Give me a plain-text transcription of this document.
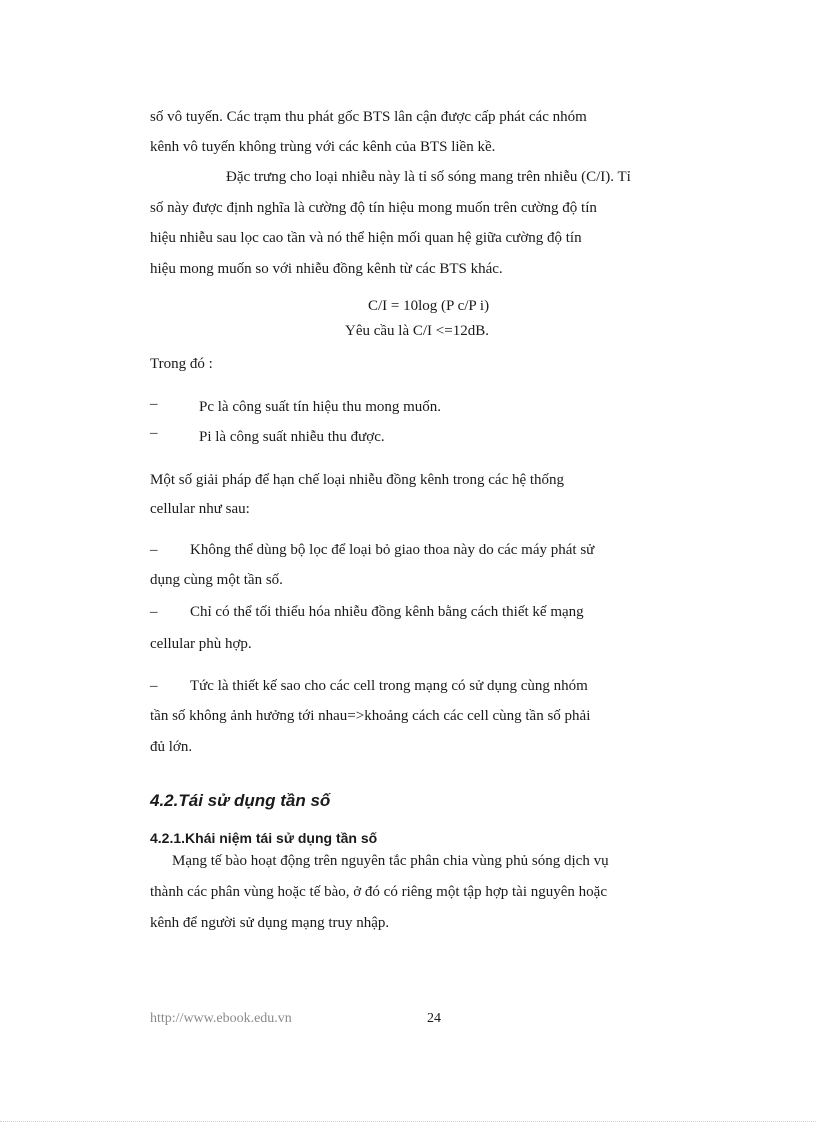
số vô tuyến. Các trạm thu phát gốc BTS lân cận được cấp phát các nhóm
kênh vô tuyến không trùng với các kênh của BTS liền kề.
Đặc trưng cho loại nhiễu này là tỉ số sóng mang trên nhiễu (C/I). Tỉ
số này được định nghĩa là cường độ tín hiệu mong muốn trên cường độ tín
hiệu nhiễu sau lọc cao tần và nó thể hiện mối quan hệ giữa cường độ tín
hiệu mong muốn so với nhiễu đồng kênh từ các BTS khác.
C/I = 10log (P c/P i)
Yêu cầu là C/I <=12dB.
Trong đó :
–	Pc là công suất tín hiệu thu mong muốn.
–	Pi là công suất nhiễu thu được.
Một số giải pháp để hạn chế loại nhiễu đồng kênh trong các hệ thống
cellular như sau:
– Không thể dùng bộ lọc để loại bỏ giao thoa này do các máy phát sử
dụng cùng một tần số.
– Chỉ có thể tối thiểu hóa nhiễu đồng kênh bằng cách thiết kế mạng
cellular phù hợp.
– Tức là thiết kế sao cho các cell trong mạng có sử dụng cùng nhóm
tần số không ảnh hưởng tới nhau=>khoảng cách các cell cùng tần số phải
đủ lớn.
4.2.Tái sử dụng tần số
4.2.1.Khái niệm tái sử dụng tần số
Mạng tế bào hoạt động trên nguyên tắc phân chia vùng phủ sóng dịch vụ
thành các phân vùng hoặc tế bào, ở đó có riêng một tập hợp tài nguyên hoặc
kênh để người sử dụng mạng truy nhập.
http://www.ebook.edu.vn	24
